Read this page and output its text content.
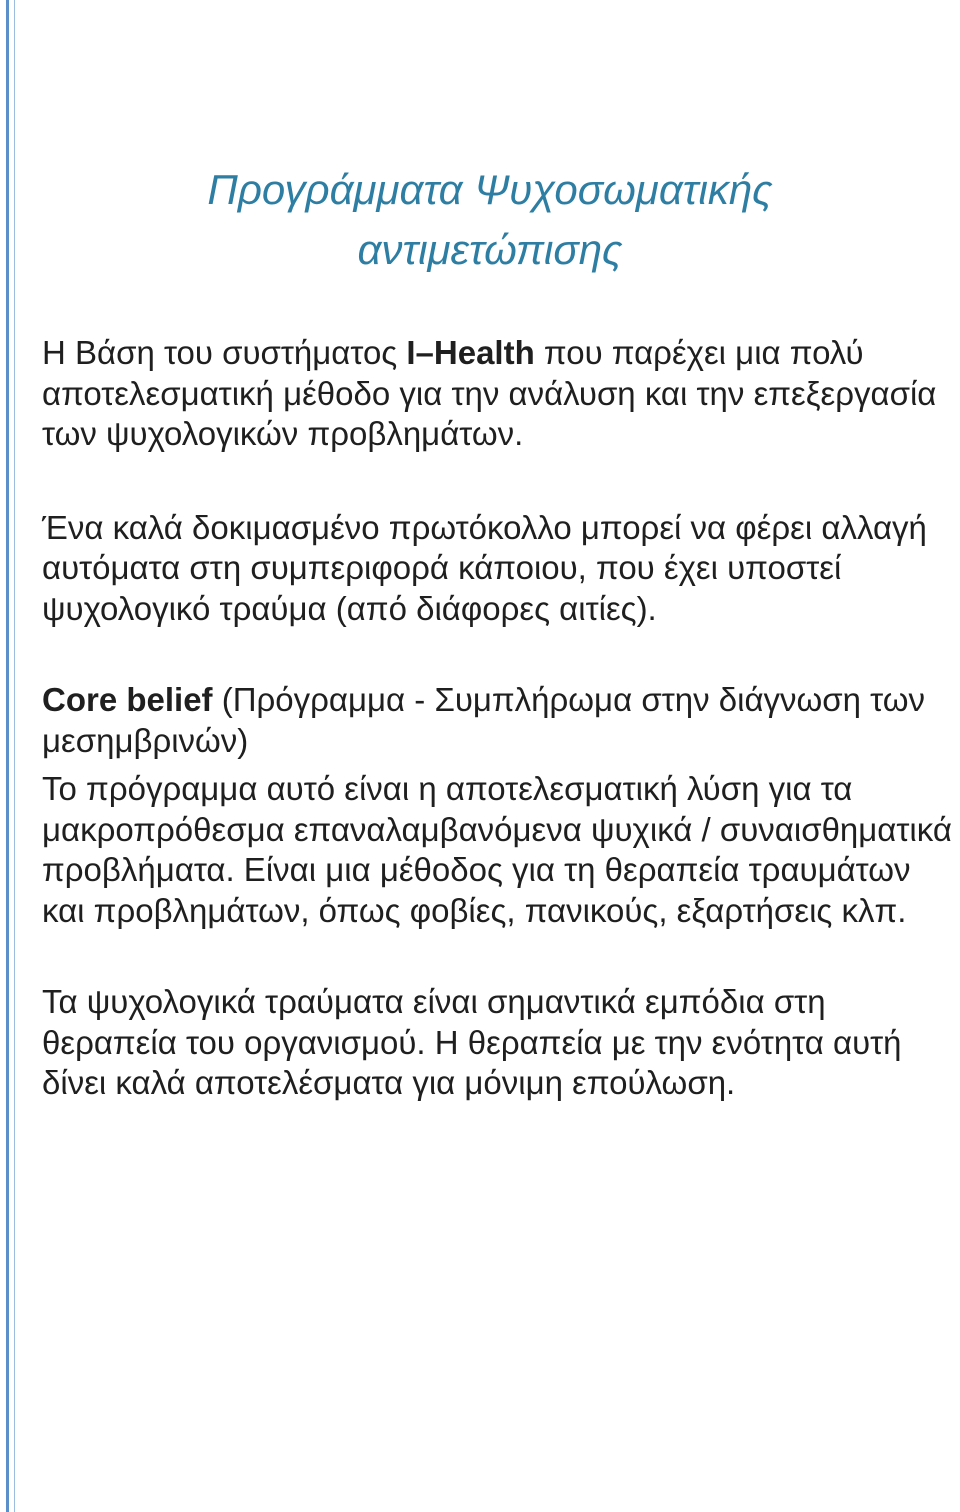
Προγράμματα Ψυχοσωματικής
αντιμετώπισης

Η Βάση του συστήματος I–Health που παρέχει μια πολύ αποτελεσματική μέθοδο για την ανάλυση και την επεξεργασία των ψυχολογικών προβλημάτων.

Ένα καλά δοκιμασμένο πρωτόκολλο μπορεί να φέρει αλλαγή αυτόματα στη συμπεριφορά κάποιου, που έχει υποστεί ψυχολογικό τραύμα (από διάφορες αιτίες).

Core belief (Πρόγραμμα - Συμπλήρωμα στην διάγνωση των μεσημβρινών)

Το πρόγραμμα αυτό είναι η αποτελεσματική λύση για τα μακροπρόθεσμα επαναλαμβανόμενα ψυχικά / συναισθηματικά προβλήματα. Είναι μια μέθοδος για τη θεραπεία τραυμάτων και προβλημάτων, όπως φοβίες, πανικούς, εξαρτήσεις κλπ.

Τα ψυχολογικά τραύματα είναι σημαντικά εμπόδια στη θεραπεία του οργανισμού. Η θεραπεία με την ενότητα αυτή δίνει καλά αποτελέσματα για μόνιμη επούλωση.
